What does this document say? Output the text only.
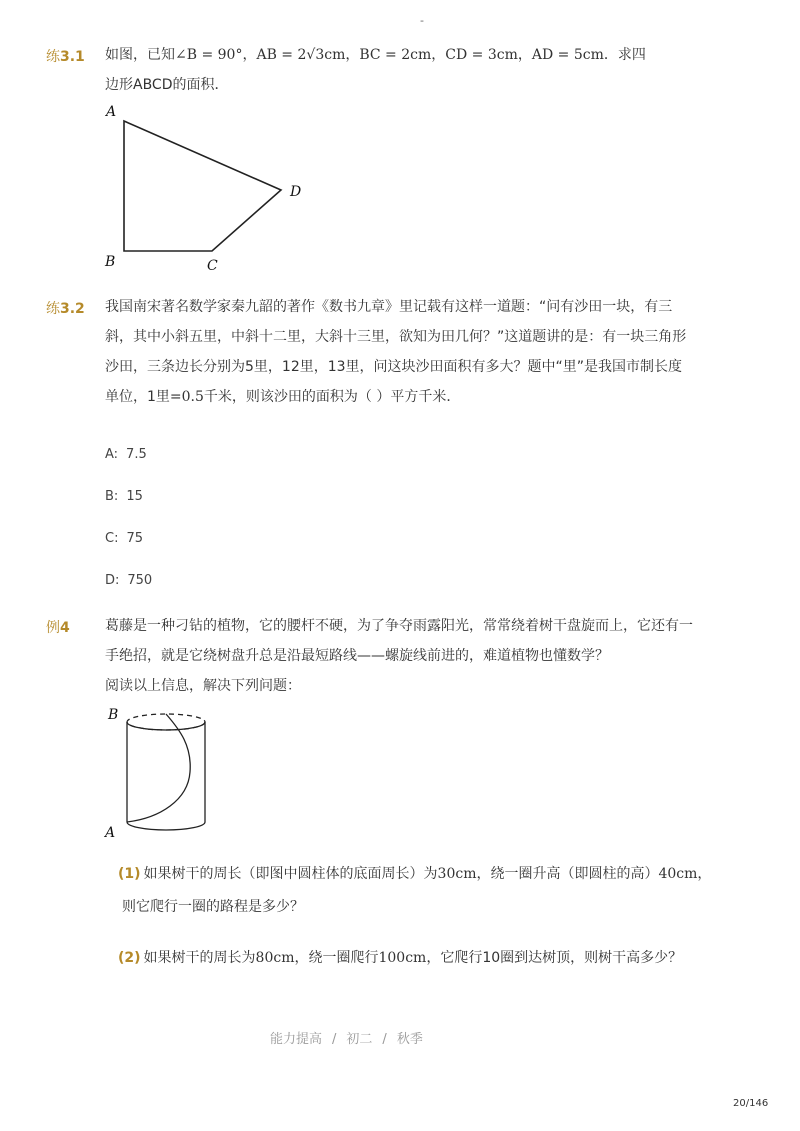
-
练3.1 如图，已知∠B = 90°，AB = 2√3cm，BC = 2cm，CD = 3cm，AD = 5cm．求四
边形ABCD的面积．
A
B	C
D
练3.2 我国南宋著名数学家秦九韶的著作《数书九章》里记载有这样一道题：“问有沙田一块，有三
斜，其中小斜五里，中斜十二里，大斜十三里，欲知为田几何？”这道题讲的是：有一块三角形
沙田，三条边长分别为5里，12里，13里，问这块沙田面积有多大？题中“里”是我国市制长度
单位，1里=0.5千米，则该沙田的面积为（ ）平方千米．
A: 7.5
B: 15
C: 75
D: 750
例4	葛藤是一种刁钻的植物，它的腰杆不硬，为了争夺雨露阳光，常常绕着树干盘旋而上，它还有一
手绝招，就是它绕树盘升总是沿最短路线——螺旋线前进的，难道植物也懂数学？
阅读以上信息，解决下列问题：
B
A
(1) 如果树干的周长（即图中圆柱体的底面周长）为30cm，绕一圈升高（即圆柱的高）40cm，
则它爬行一圈的路程是多少？
(2) 如果树干的周长为80cm，绕一圈爬行100cm，它爬行10圈到达树顶，则树干高多少？
能力提高 / 初二 / 秋季
20/146
